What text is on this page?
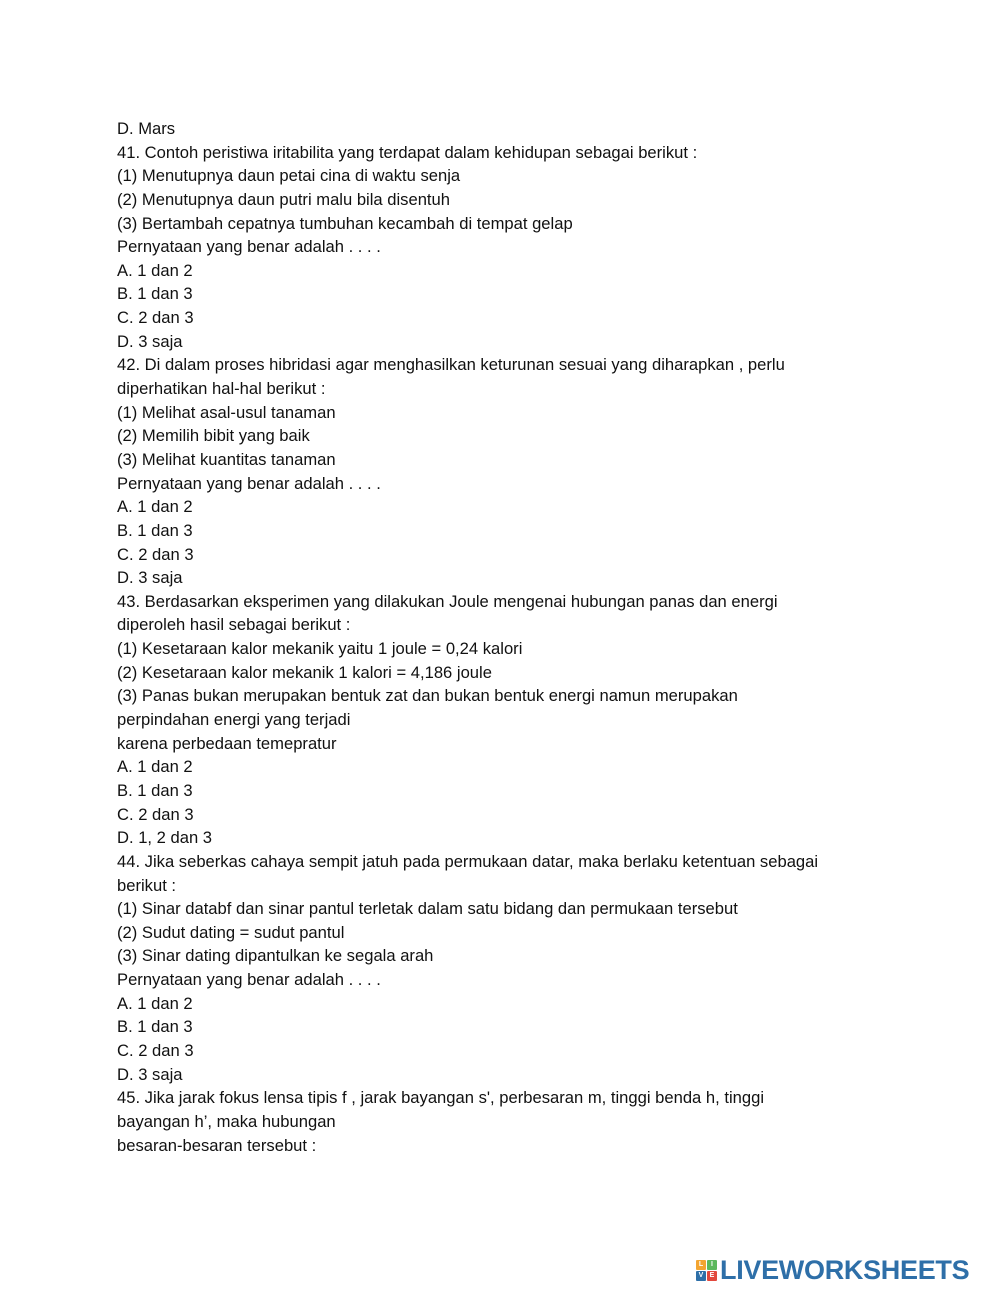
D. Mars
41. Contoh peristiwa iritabilita yang terdapat dalam kehidupan sebagai berikut :
(1) Menutupnya daun petai cina di waktu senja
(2) Menutupnya daun putri malu bila disentuh
(3) Bertambah cepatnya tumbuhan kecambah di tempat gelap
Pernyataan yang benar adalah . . . .
A. 1 dan 2
B. 1 dan 3
C. 2 dan 3
D. 3 saja
42. Di dalam proses hibridasi agar menghasilkan keturunan sesuai yang diharapkan , perlu
diperhatikan hal-hal berikut :
(1) Melihat asal-usul tanaman
(2) Memilih bibit yang baik
(3) Melihat kuantitas tanaman
Pernyataan yang benar adalah . . . .
A. 1 dan 2
B. 1 dan 3
C. 2 dan 3
D. 3 saja
43. Berdasarkan eksperimen yang dilakukan Joule mengenai hubungan panas dan energi
diperoleh hasil sebagai berikut :
(1) Kesetaraan kalor mekanik yaitu 1 joule = 0,24 kalori
(2) Kesetaraan kalor mekanik 1 kalori = 4,186 joule
(3) Panas bukan merupakan bentuk zat dan bukan bentuk energi namun merupakan
perpindahan energi yang terjadi
karena perbedaan temepratur
A. 1 dan 2
B. 1 dan 3
C. 2 dan 3
D. 1, 2 dan 3
44. Jika seberkas cahaya sempit jatuh pada permukaan datar, maka berlaku ketentuan sebagai
berikut :
(1) Sinar databf dan sinar pantul terletak dalam satu bidang dan permukaan tersebut
(2) Sudut dating = sudut pantul
(3) Sinar dating dipantulkan ke segala arah
Pernyataan yang benar adalah . . . .
A. 1 dan 2
B. 1 dan 3
C. 2 dan 3
D. 3 saja
45. Jika jarak fokus lensa tipis f , jarak bayangan s', perbesaran m, tinggi benda h, tinggi
bayangan h’, maka hubungan
besaran-besaran tersebut :
L	I
V E LIVEWORKSHEETS
